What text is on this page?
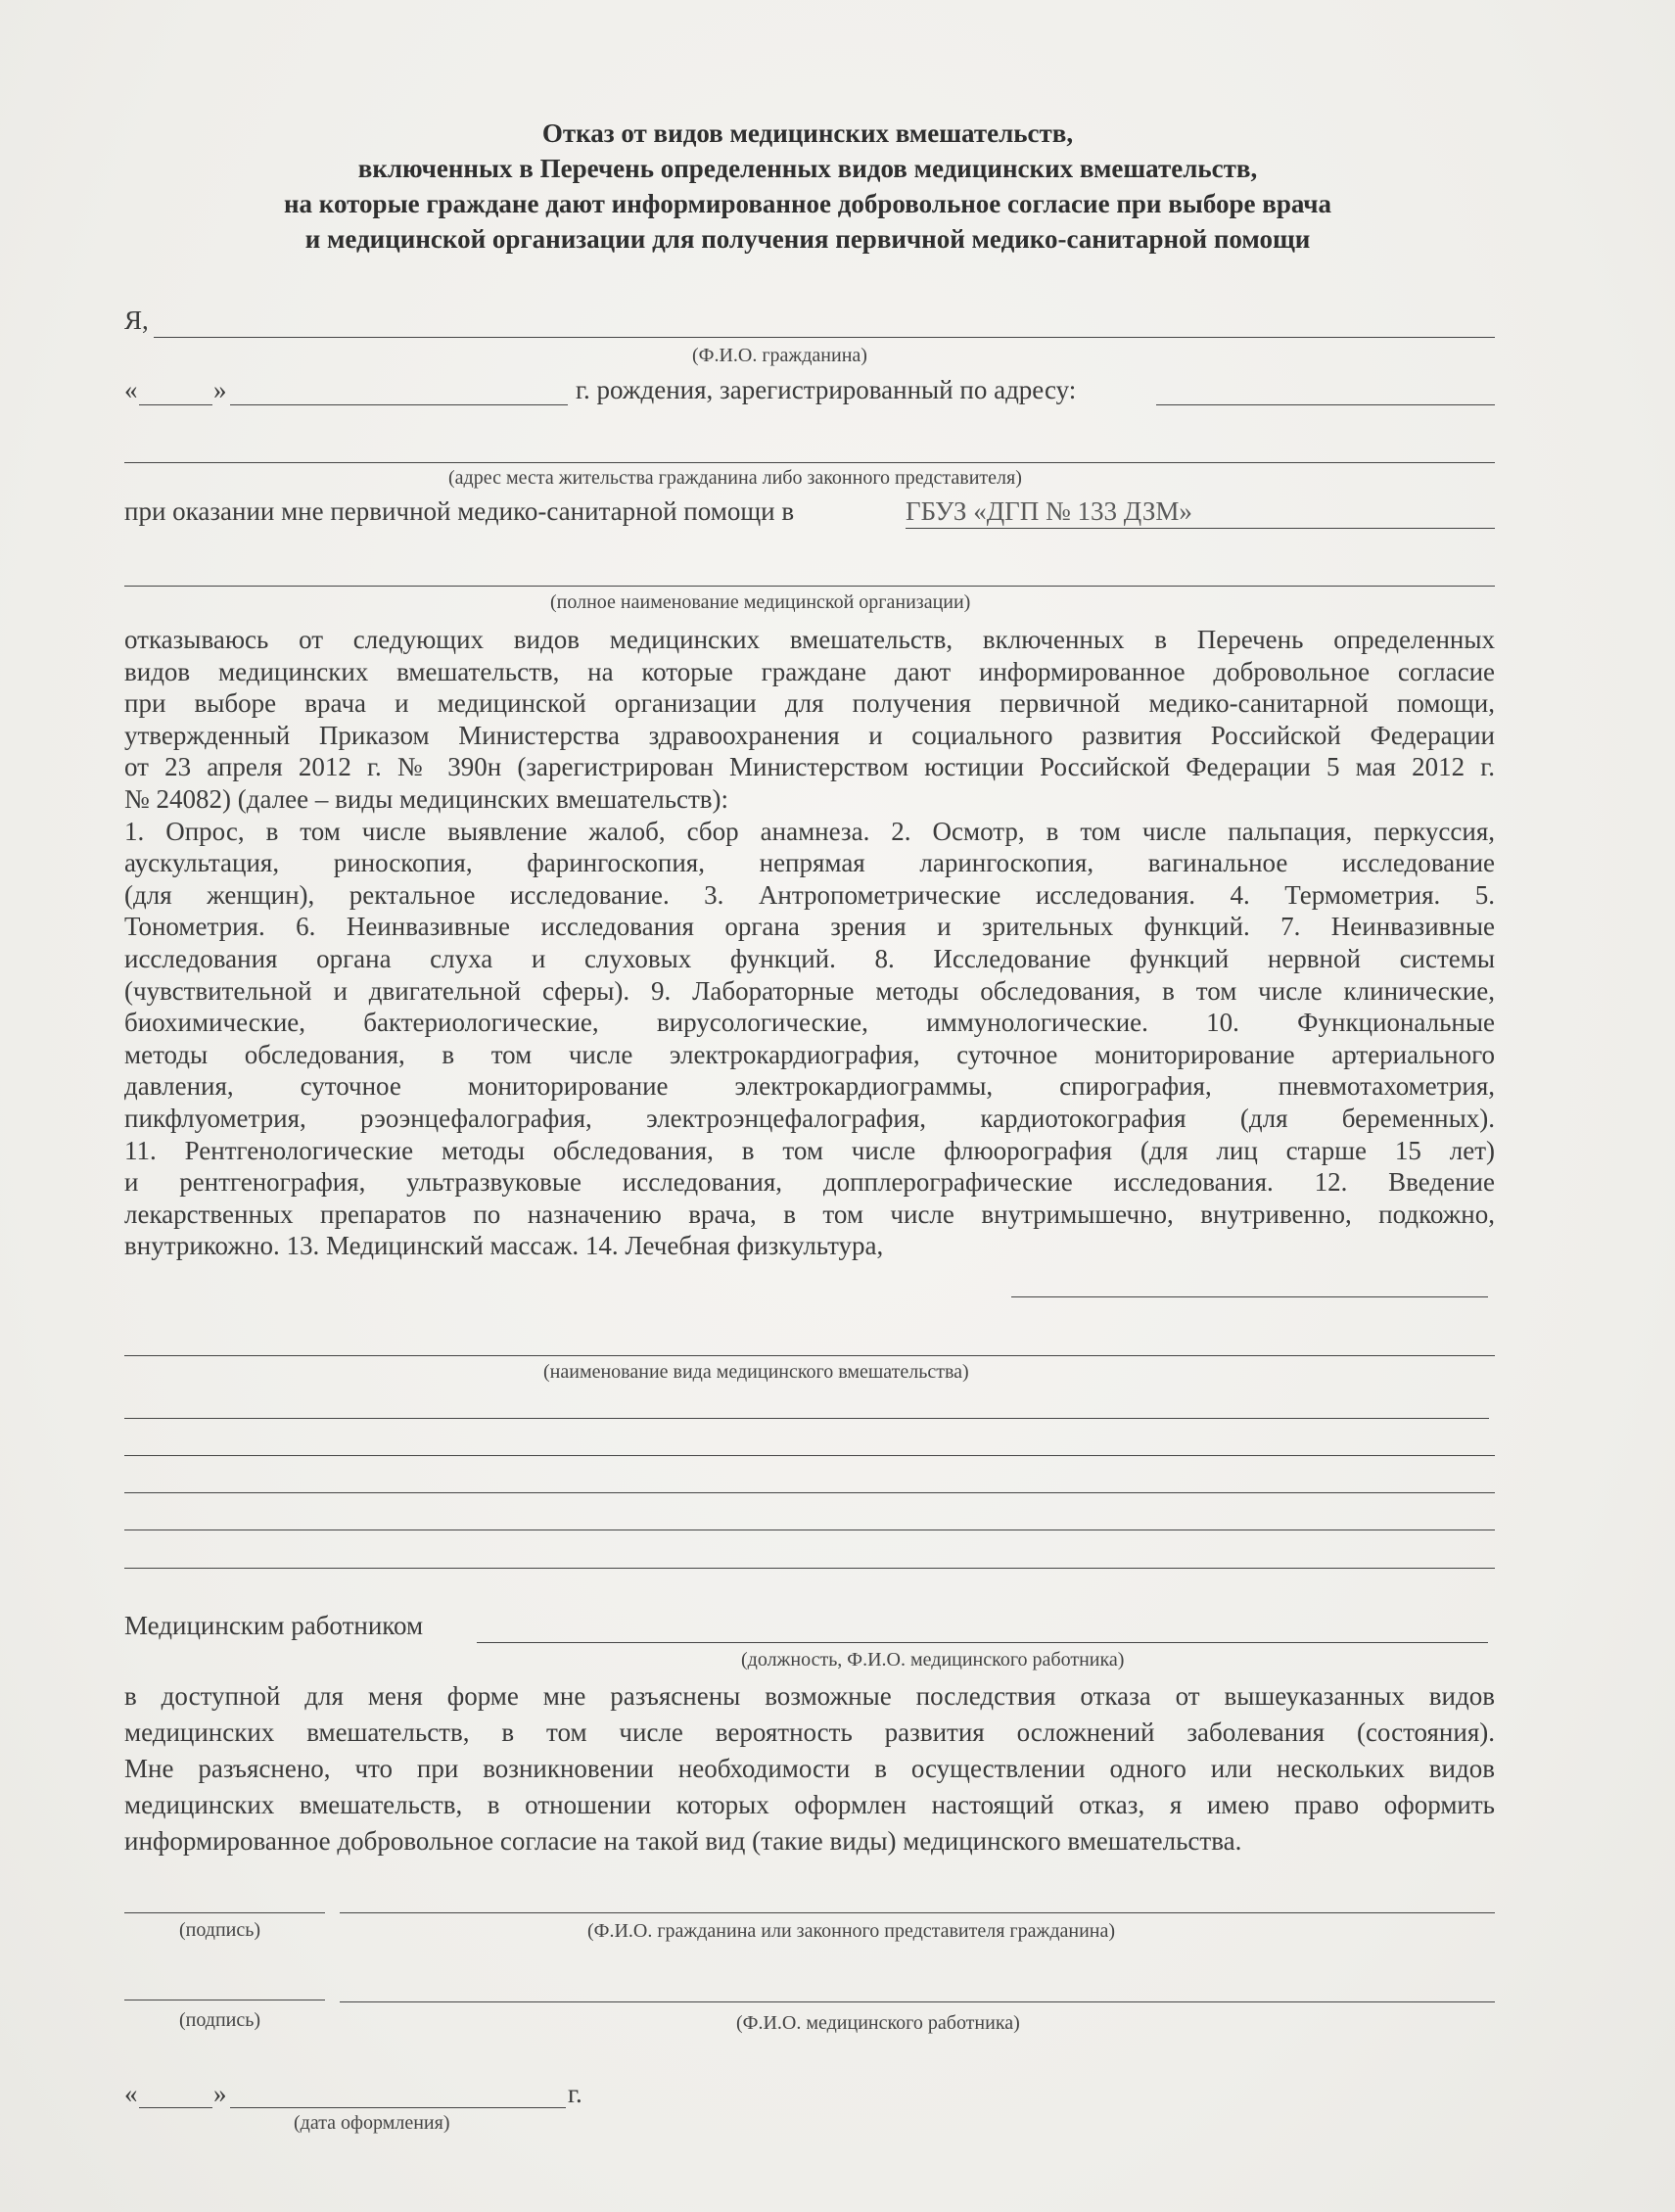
Отказ от видов медицинских вмешательств,
включенных в Перечень определенных видов медицинских вмешательств,
на которые граждане дают информированное добровольное согласие при выборе врача
и медицинской организации для получения первичной медико-санитарной помощи
Я,
(Ф.И.О. гражданина)
«	»	г. рождения, зарегистрированный по адресу:
(адрес места жительства гражданина либо законного представителя)
при оказании мне первичной медико-санитарной помощи в	ГБУЗ «ДГП № 133 ДЗМ»
(полное наименование медицинской организации)
отказываюсь от следующих видов медицинских вмешательств, включенных в Перечень определенных
видов медицинских вмешательств, на которые граждане дают информированное добровольное согласие
при выборе врача и медицинской организации для получения первичной медико-санитарной помощи,
утвержденный Приказом Министерства здравоохранения и социального развития Российской Федерации
от 23 апреля 2012 г. № 390н (зарегистрирован Министерством юстиции Российской Федерации 5 мая 2012 г.
№ 24082) (далее – виды медицинских вмешательств):
1. Опрос, в том числе выявление жалоб, сбор анамнеза. 2. Осмотр, в том числе пальпация, перкуссия,
аускультация, риноскопия, фарингоскопия, непрямая ларингоскопия, вагинальное исследование
(для женщин), ректальное исследование. 3. Антропометрические исследования. 4. Термометрия. 5.
Тонометрия. 6. Неинвазивные исследования органа зрения и зрительных функций. 7. Неинвазивные
исследования органа слуха и слуховых функций. 8. Исследование функций нервной системы
(чувствительной и двигательной сферы). 9. Лабораторные методы обследования, в том числе клинические,
биохимические, бактериологические, вирусологические, иммунологические. 10. Функциональные
методы обследования, в том числе электрокардиография, суточное мониторирование артериального
давления, суточное мониторирование электрокардиограммы, спирография, пневмотахометрия,
пикфлуометрия, рэоэнцефалография, электроэнцефалография, кардиотокография (для беременных).
11. Рентгенологические методы обследования, в том числе флюорография (для лиц старше 15 лет)
и рентгенография, ультразвуковые исследования, допплерографические исследования. 12. Введение
лекарственных препаратов по назначению врача, в том числе внутримышечно, внутривенно, подкожно,
внутрикожно. 13. Медицинский массаж. 14. Лечебная физкультура,
(наименование вида медицинского вмешательства)
Медицинским работником
(должность, Ф.И.О. медицинского работника)
в доступной для меня форме мне разъяснены возможные последствия отказа от вышеуказанных видов
медицинских вмешательств, в том числе вероятность развития осложнений заболевания (состояния).
Мне разъяснено, что при возникновении необходимости в осуществлении одного или нескольких видов
медицинских вмешательств, в отношении которых оформлен настоящий отказ, я имею право оформить
информированное добровольное согласие на такой вид (такие виды) медицинского вмешательства.
(подпись)	(Ф.И.О. гражданина или законного представителя гражданина)
(подпись)	(Ф.И.О. медицинского работника)
«	»	г.
(дата оформления)
